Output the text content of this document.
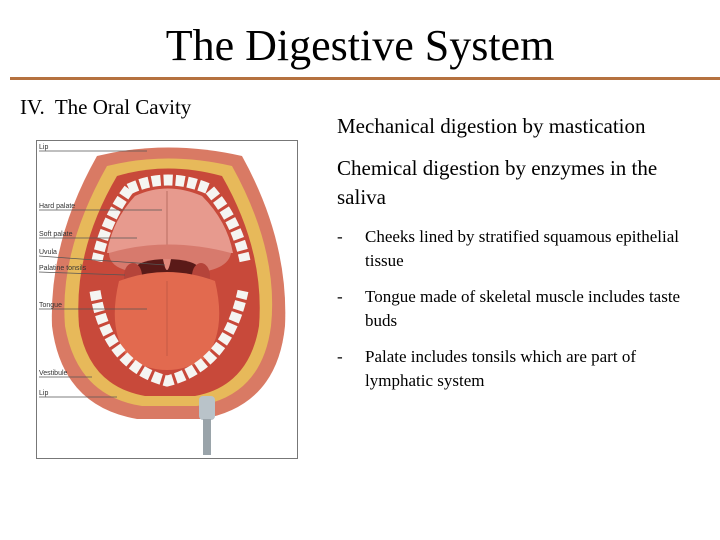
The Digestive System
IV.  The Oral Cavity
Lip
Hard palate
Soft palate
Uvula
Palatine tonsils
Tongue
Vestibule
Lip
Mechanical digestion by mastication
Chemical digestion by enzymes in the saliva
- Cheeks lined by stratified squamous epithelial tissue
- Tongue made of skeletal muscle includes taste buds
- Palate includes tonsils which are part of lymphatic system
